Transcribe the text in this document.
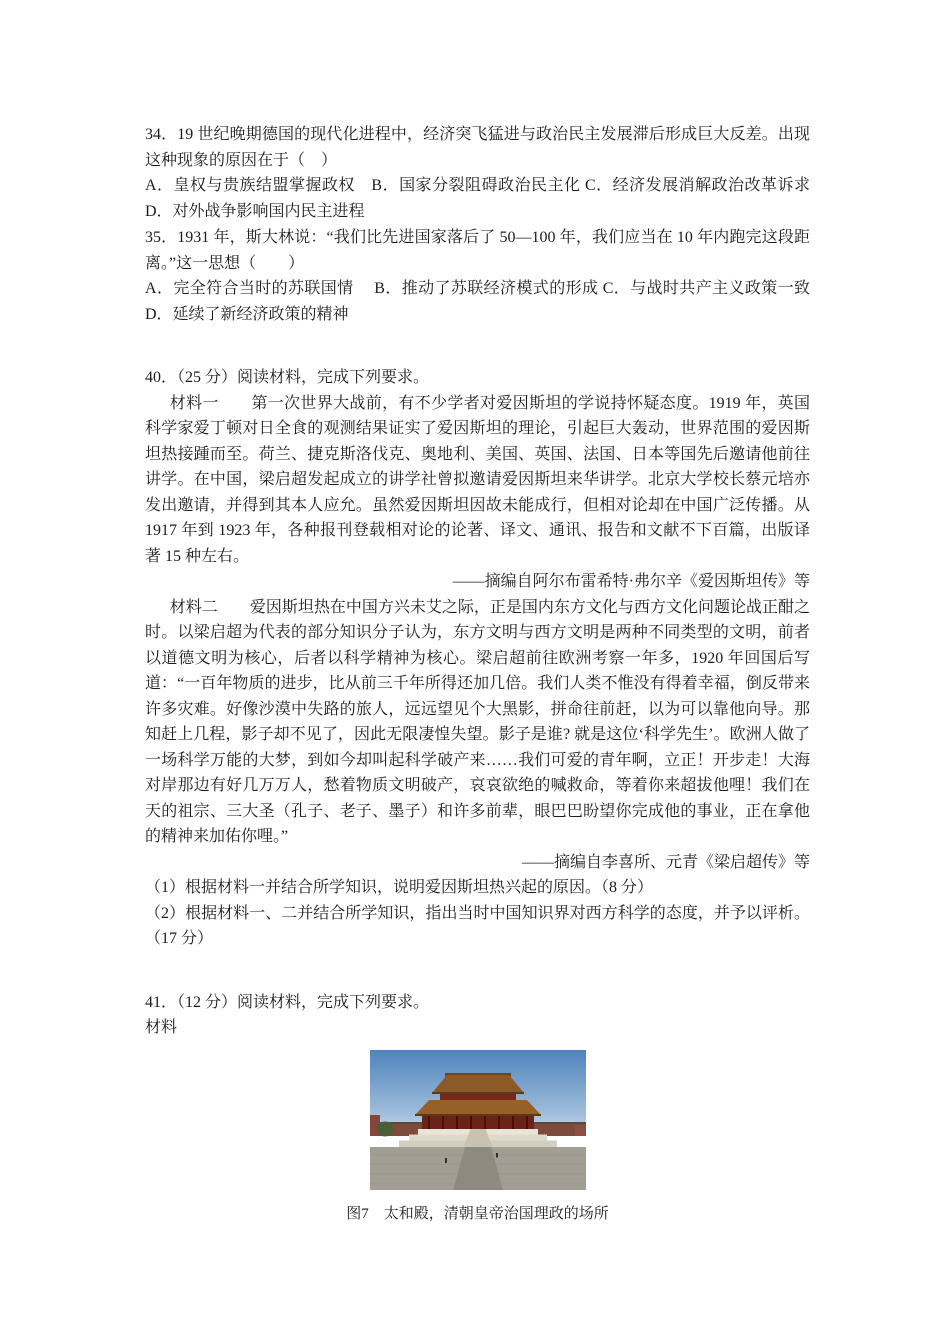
34．19 世纪晚期德国的现代化进程中，经济突飞猛进与政治民主发展滞后形成巨大反差。出现这种现象的原因在于（　）

A．皇权与贵族结盟掌握政权　B．国家分裂阻碍政治民主化 C．经济发展消解政治改革诉求　 D．对外战争影响国内民主进程

35．1931 年，斯大林说：“我们比先进国家落后了 50—100 年，我们应当在 10 年内跑完这段距离。”这一思想（　　）

A．完全符合当时的苏联国情　 B．推动了苏联经济模式的形成 C．与战时共产主义政策一致　　D．延续了新经济政策的精神

40．（25 分）阅读材料，完成下列要求。

材料一　　第一次世界大战前，有不少学者对爱因斯坦的学说持怀疑态度。1919 年，英国科学家爱丁顿对日全食的观测结果证实了爱因斯坦的理论，引起巨大轰动，世界范围的爱因斯坦热接踵而至。荷兰、捷克斯洛伐克、奥地利、美国、英国、法国、日本等国先后邀请他前往讲学。在中国，梁启超发起成立的讲学社曾拟邀请爱因斯坦来华讲学。北京大学校长蔡元培亦发出邀请，并得到其本人应允。虽然爱因斯坦因故未能成行，但相对论却在中国广泛传播。从 1917 年到 1923 年，各种报刊登载相对论的论著、译文、通讯、报告和文献不下百篇，出版译著 15 种左右。

——摘编自阿尔布雷希特·弗尔辛《爱因斯坦传》等

材料二　　爱因斯坦热在中国方兴未艾之际，正是国内东方文化与西方文化问题论战正酣之时。以梁启超为代表的部分知识分子认为，东方文明与西方文明是两种不同类型的文明，前者以道德文明为核心，后者以科学精神为核心。梁启超前往欧洲考察一年多，1920 年回国后写道：“一百年物质的进步，比从前三千年所得还加几倍。我们人类不惟没有得着幸福，倒反带来许多灾难。好像沙漠中失路的旅人，远远望见个大黑影，拼命往前赶，以为可以靠他向导。那知赶上几程，影子却不见了，因此无限凄惶失望。影子是谁? 就是这位‘科学先生’。欧洲人做了一场科学万能的大梦，到如今却叫起科学破产来……我们可爱的青年啊，立正！开步走！大海对岸那边有好几万万人，愁着物质文明破产，哀哀欲绝的喊救命，等着你来超拔他哩！我们在天的祖宗、三大圣（孔子、老子、墨子）和许多前辈，眼巴巴盼望你完成他的事业，正在拿他的精神来加佑你哩。”

——摘编自李喜所、元青《梁启超传》等

（1）根据材料一并结合所学知识，说明爱因斯坦热兴起的原因。（8 分）

（2）根据材料一、二并结合所学知识，指出当时中国知识界对西方科学的态度，并予以评析。（17 分）

41．（12 分）阅读材料，完成下列要求。

材料

图7　太和殿，清朝皇帝治国理政的场所
